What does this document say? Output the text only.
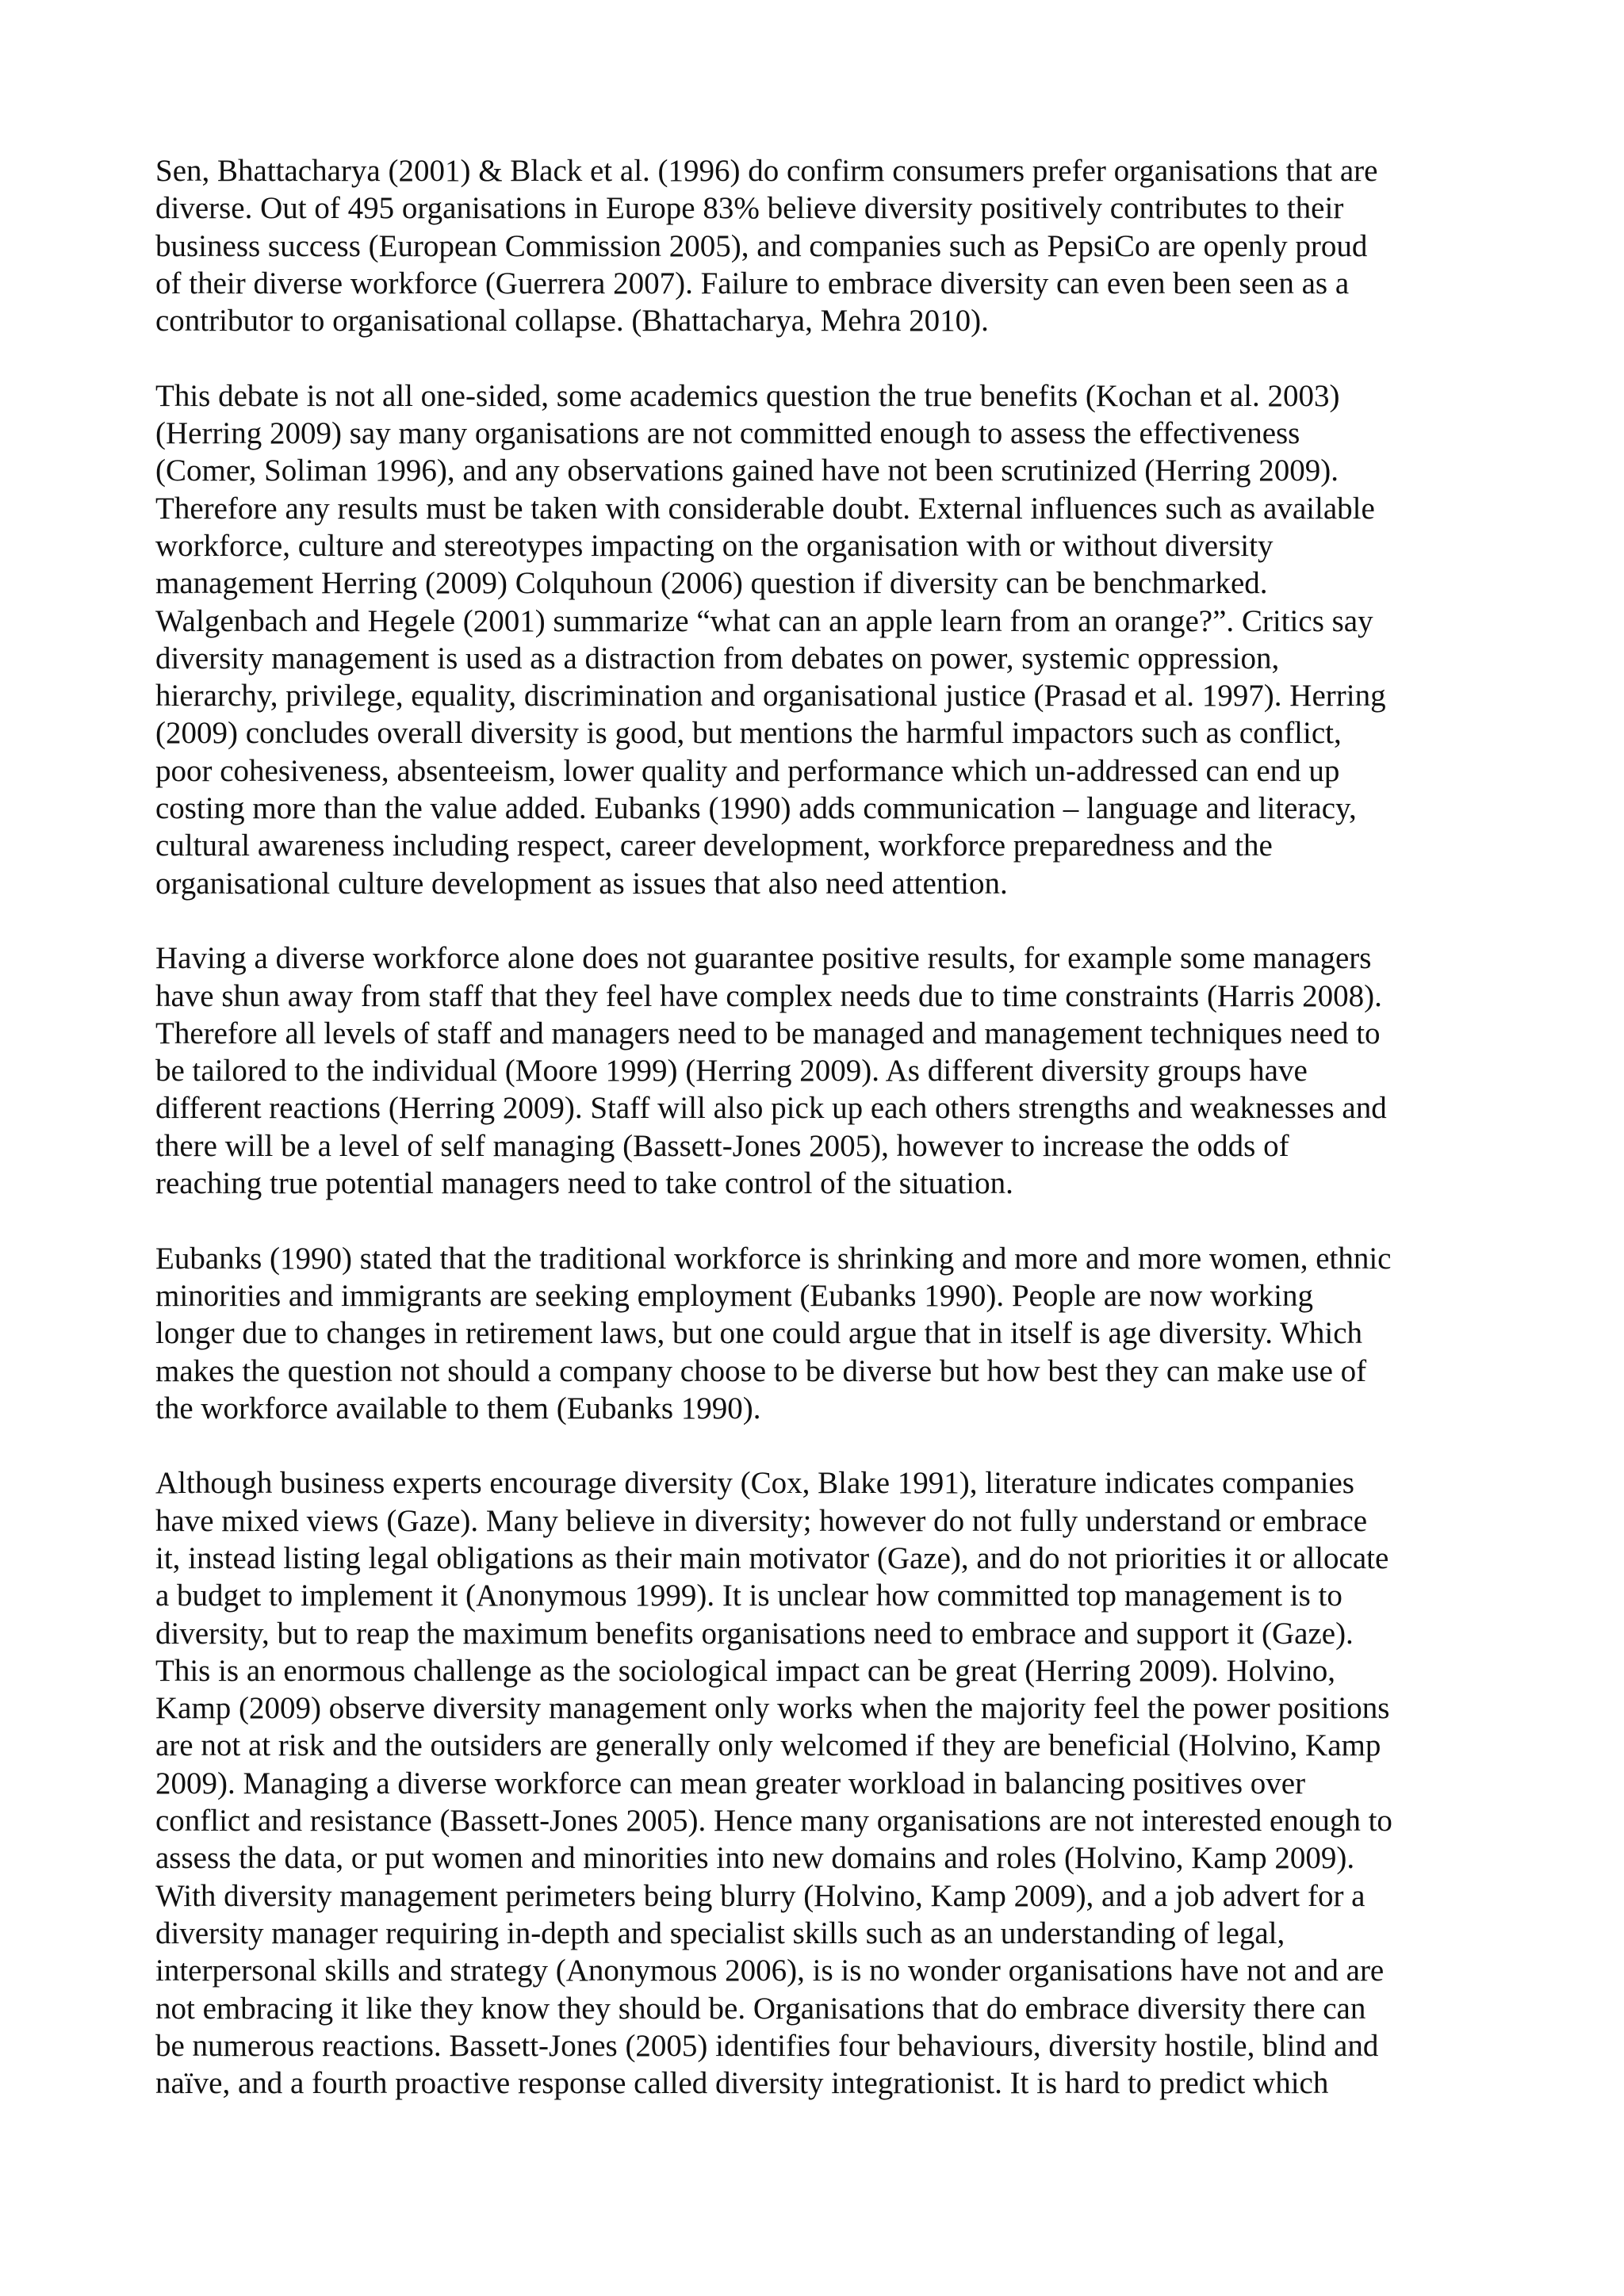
Sen, Bhattacharya (2001) & Black et al. (1996) do confirm consumers prefer organisations that are
diverse. Out of 495 organisations in Europe 83% believe diversity positively contributes to their
business success (European Commission 2005), and companies such as PepsiCo are openly proud
of their diverse workforce (Guerrera 2007). Failure to embrace diversity can even been seen as a
contributor to organisational collapse. (Bhattacharya, Mehra 2010).

This debate is not all one-sided, some academics question the true benefits (Kochan et al. 2003)
(Herring 2009) say many organisations are not committed enough to assess the effectiveness
(Comer, Soliman 1996), and any observations gained have not been scrutinized (Herring 2009).
Therefore any results must be taken with considerable doubt. External influences such as available
workforce, culture and stereotypes impacting on the organisation with or without diversity
management Herring (2009) Colquhoun (2006) question if diversity can be benchmarked.
Walgenbach and Hegele (2001) summarize “what can an apple learn from an orange?”. Critics say
diversity management is used as a distraction from debates on power, systemic oppression,
hierarchy, privilege, equality, discrimination and organisational justice (Prasad et al. 1997). Herring
(2009) concludes overall diversity is good, but mentions the harmful impactors such as conflict,
poor cohesiveness, absenteeism, lower quality and performance which un-addressed can end up
costing more than the value added. Eubanks (1990) adds communication – language and literacy,
cultural awareness including respect, career development, workforce preparedness and the
organisational culture development as issues that also need attention.

Having a diverse workforce alone does not guarantee positive results, for example some managers
have shun away from staff that they feel have complex needs due to time constraints (Harris 2008).
Therefore all levels of staff and managers need to be managed and management techniques need to
be tailored to the individual (Moore 1999) (Herring 2009). As different diversity groups have
different reactions (Herring 2009). Staff will also pick up each others strengths and weaknesses and
there will be a level of self managing (Bassett-Jones 2005), however to increase the odds of
reaching true potential managers need to take control of the situation.

Eubanks (1990) stated that the traditional workforce is shrinking and more and more women, ethnic
minorities and immigrants are seeking employment (Eubanks 1990). People are now working
longer due to changes in retirement laws, but one could argue that in itself is age diversity. Which
makes the question not should a company choose to be diverse but how best they can make use of
the workforce available to them (Eubanks 1990).

Although business experts encourage diversity (Cox, Blake 1991), literature indicates companies
have mixed views (Gaze). Many believe in diversity; however do not fully understand or embrace
it, instead listing legal obligations as their main motivator (Gaze), and do not priorities it or allocate
a budget to implement it (Anonymous 1999). It is unclear how committed top management is to
diversity, but to reap the maximum benefits organisations need to embrace and support it (Gaze).
This is an enormous challenge as the sociological impact can be great (Herring 2009). Holvino,
Kamp (2009) observe diversity management only works when the majority feel the power positions
are not at risk and the outsiders are generally only welcomed if they are beneficial (Holvino, Kamp
2009). Managing a diverse workforce can mean greater workload in balancing positives over
conflict and resistance (Bassett-Jones 2005). Hence many organisations are not interested enough to
assess the data, or put women and minorities into new domains and roles (Holvino, Kamp 2009).
With diversity management perimeters being blurry (Holvino, Kamp 2009), and a job advert for a
diversity manager requiring in-depth and specialist skills such as an understanding of legal,
interpersonal skills and strategy (Anonymous 2006), is is no wonder organisations have not and are
not embracing it like they know they should be. Organisations that do embrace diversity there can
be numerous reactions. Bassett-Jones (2005) identifies four behaviours, diversity hostile, blind and
naïve, and a fourth proactive response called diversity integrationist. It is hard to predict which
